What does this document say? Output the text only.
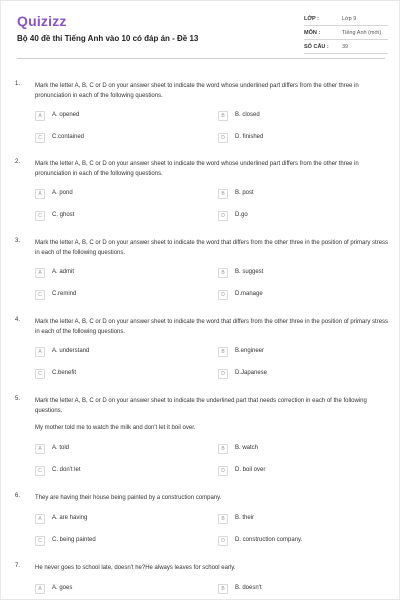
Quizizz
Bộ 40 đề thi Tiếng Anh vào 10 có đáp án - Đề 13
LỚP :	Lớp 9
MÔN :	Tiếng Anh (mới)
SỐ CÂU : 39
1. Mark the letter A, B, C or D on your answer sheet to indicate the word whose underlined part differs from the other three in pronunciation in each of the following questions.
A	A. opened	B	B. closed
C	C.contained	D	D. finished
2. Mark the letter A, B, C or D on your answer sheet to indicate the word whose underlined part differs from the other three in pronunciation in each of the following questions.
A	A. pond	B	B. post
C	C. ghost	D	D.go
3. Mark the letter A, B, C or D on your answer sheet to indicate the word that differs from the other three in the position of primary stress in each of the following questions.
A	A. admit	B	B. suggest
C	C.remind	D	D.manage
4. Mark the letter A, B, C or D on your answer sheet to indicate the word that differs from the other three in the position of primary stress in each of the following questions.
A	A. understand	B	B.engineer
C	C.benefit	D	D.Japanese
5. Mark the letter A, B, C or D on your answer sheet to indicate the underlined part that needs correction in each of the following questions.
My mother told me to watch the milk and don't let it boil over.
A	A. told	B	B. watch
C	C. don't let	D	D. boil over
6. They are having their house being painted by a construction company.
A	A. are having	B	B. their
C	C. being painted	D	D. construction company.
7. He never goes to school late, doesn't he?He always leaves for school early.
A	A. goes	B	B. doesn't
